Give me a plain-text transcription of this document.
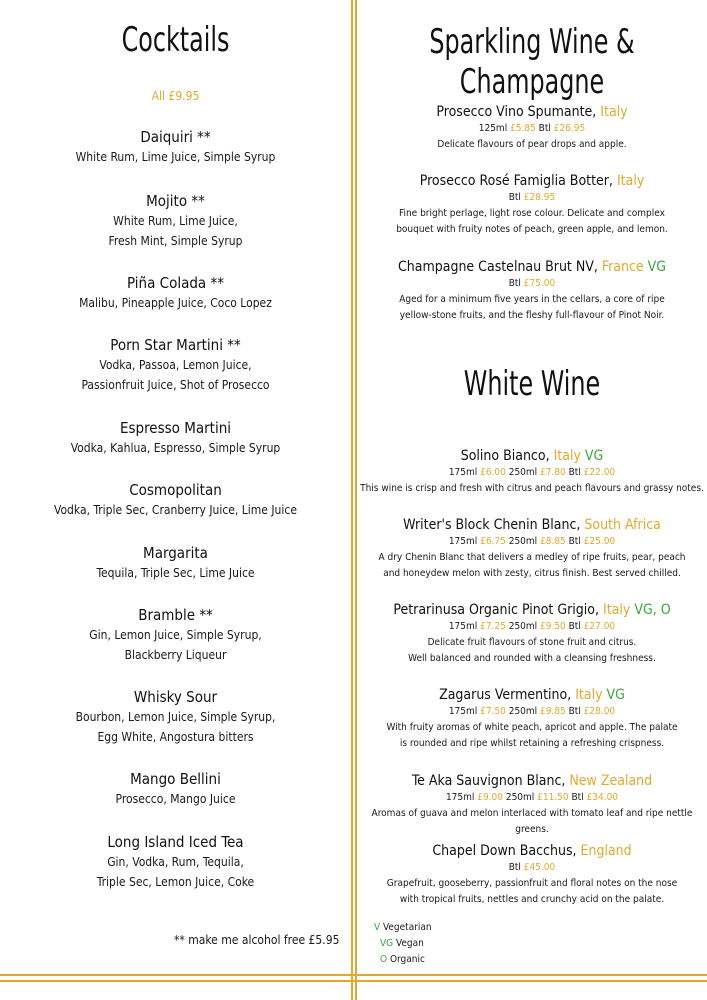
Cocktails
All £9.95
Daiquiri **
White Rum, Lime Juice, Simple Syrup
Mojito **
White Rum, Lime Juice,
Fresh Mint, Simple Syrup
Piña Colada **
Malibu, Pineapple Juice, Coco Lopez
Porn Star Martini **
Vodka, Passoa, Lemon Juice,
Passionfruit Juice, Shot of Prosecco
Espresso Martini
Vodka, Kahlua, Espresso, Simple Syrup
Cosmopolitan
Vodka, Triple Sec, Cranberry Juice, Lime Juice
Margarita
Tequila, Triple Sec, Lime Juice
Bramble **
Gin, Lemon Juice, Simple Syrup,
Blackberry Liqueur
Whisky Sour
Bourbon, Lemon Juice, Simple Syrup,
Egg White, Angostura bitters
Mango Bellini
Prosecco, Mango Juice
Long Island Iced Tea
Gin, Vodka, Rum, Tequila,
Triple Sec, Lemon Juice, Coke
** make me alcohol free £5.95
Sparkling Wine & Champagne
Prosecco Vino Spumante, Italy
125ml £5.85 Btl £26.95
Delicate flavours of pear drops and apple.
Prosecco Rosé Famiglia Botter, Italy
Btl £28.95
Fine bright perlage, light rose colour. Delicate and complex
bouquet with fruity notes of peach, green apple, and lemon.
Champagne Castelnau Brut NV, France VG
Btl £75.00
Aged for a minimum five years in the cellars, a core of ripe
yellow-stone fruits, and the fleshy full-flavour of Pinot Noir.
White Wine
Solino Bianco, Italy VG
175ml £6.00 250ml £7.80 Btl £22.00
This wine is crisp and fresh with citrus and peach flavours and grassy notes.
Writer's Block Chenin Blanc, South Africa
175ml £6.75 250ml £8.85 Btl £25.00
A dry Chenin Blanc that delivers a medley of ripe fruits, pear, peach
and honeydew melon with zesty, citrus finish. Best served chilled.
Petrarinusa Organic Pinot Grigio, Italy VG, O
175ml £7.25 250ml £9.50 Btl £27.00
Delicate fruit flavours of stone fruit and citrus.
Well balanced and rounded with a cleansing freshness.
Zagarus Vermentino, Italy VG
175ml £7.50 250ml £9.85 Btl £28.00
With fruity aromas of white peach, apricot and apple. The palate
is rounded and ripe whilst retaining a refreshing crispness.
Te Aka Sauvignon Blanc, New Zealand
175ml £9.00 250ml £11.50 Btl £34.00
Aromas of guava and melon interlaced with tomato leaf and ripe nettle greens.
Chapel Down Bacchus, England
Btl £45.00
Grapefruit, gooseberry, passionfruit and floral notes on the nose
with tropical fruits, nettles and crunchy acid on the palate.
V Vegetarian
VG Vegan
O Organic
